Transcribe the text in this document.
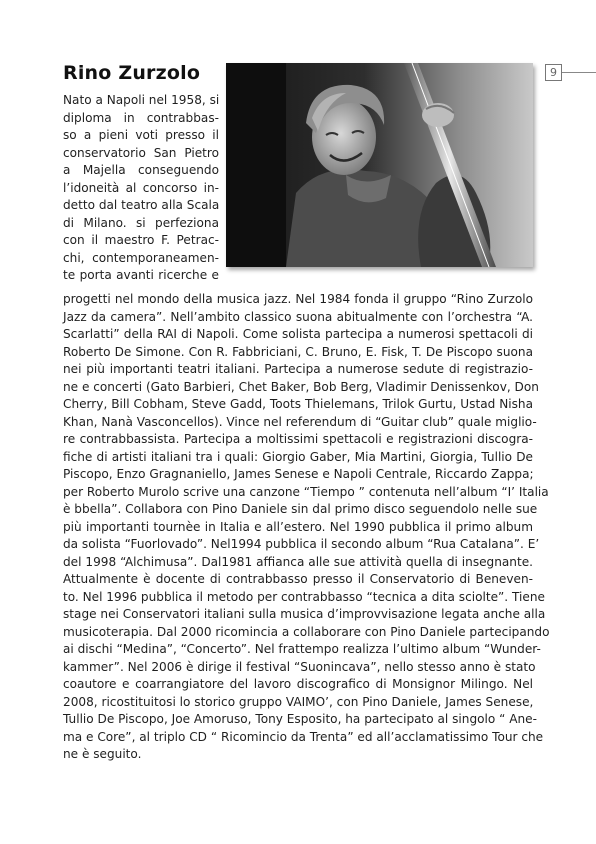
9
Rino Zurzolo
Nato a Napoli nel 1958, si
diploma in contrabbas-
so a pieni voti presso il
conservatorio San Pietro
a Majella conseguendo
l’idoneità al concorso in-
detto dal teatro alla Scala
di Milano. si perfeziona
con il maestro F. Petrac-
chi, contemporaneamen-
te porta avanti ricerche e
progetti nel mondo della musica jazz. Nel 1984 fonda il gruppo “Rino Zurzolo
Jazz da camera”. Nell’ambito classico suona abitualmente con l’orchestra “A.
Scarlatti” della RAI di Napoli. Come solista partecipa a numerosi spettacoli di
Roberto De Simone. Con R. Fabbriciani, C. Bruno, E. Fisk, T. De Piscopo suona
nei più importanti teatri italiani. Partecipa a numerose sedute di registrazio-
ne e concerti (Gato Barbieri, Chet Baker, Bob Berg, Vladimir Denissenkov, Don
Cherry, Bill Cobham, Steve Gadd, Toots Thielemans, Trilok Gurtu, Ustad Nisha
Khan, Nanà Vasconcellos). Vince nel referendum di “Guitar club” quale miglio-
re contrabbassista. Partecipa a moltissimi spettacoli e registrazioni discogra-
fiche di artisti italiani tra i quali: Giorgio Gaber, Mia Martini, Giorgia, Tullio De
Piscopo, Enzo Gragnaniello, James Senese e Napoli Centrale, Riccardo Zappa;
per Roberto Murolo scrive una canzone “Tiempo ” contenuta nell’album “I’ Italia
è bbella”. Collabora con Pino Daniele sin dal primo disco seguendolo nelle sue
più importanti tournèe in Italia e all’estero. Nel 1990 pubblica il primo album
da solista “Fuorlovado”. Nel1994 pubblica il secondo album “Rua Catalana”. E’
del 1998 “Alchimusa”. Dal1981 affianca alle sue attività quella di insegnante.
Attualmente è docente di contrabbasso presso il Conservatorio di Beneven-
to. Nel 1996 pubblica il metodo per contrabbasso “tecnica a dita sciolte”. Tiene
stage nei Conservatori italiani sulla musica d’improvvisazione legata anche alla
musicoterapia. Dal 2000 ricomincia a collaborare con Pino Daniele partecipando
ai dischi “Medina”, “Concerto”. Nel frattempo realizza l’ultimo album “Wunder-
kammer”. Nel 2006 è dirige il festival “Suonincava”, nello stesso anno è stato
coautore e coarrangiatore del lavoro discografico di Monsignor Milingo. Nel
2008, ricostituitosi lo storico gruppo VAIMO’, con Pino Daniele, James Senese,
Tullio De Piscopo, Joe Amoruso, Tony Esposito, ha partecipato al singolo “ Ane-
ma e Core”, al triplo CD “ Ricomincio da Trenta” ed all’acclamatissimo Tour che
ne è seguito.
